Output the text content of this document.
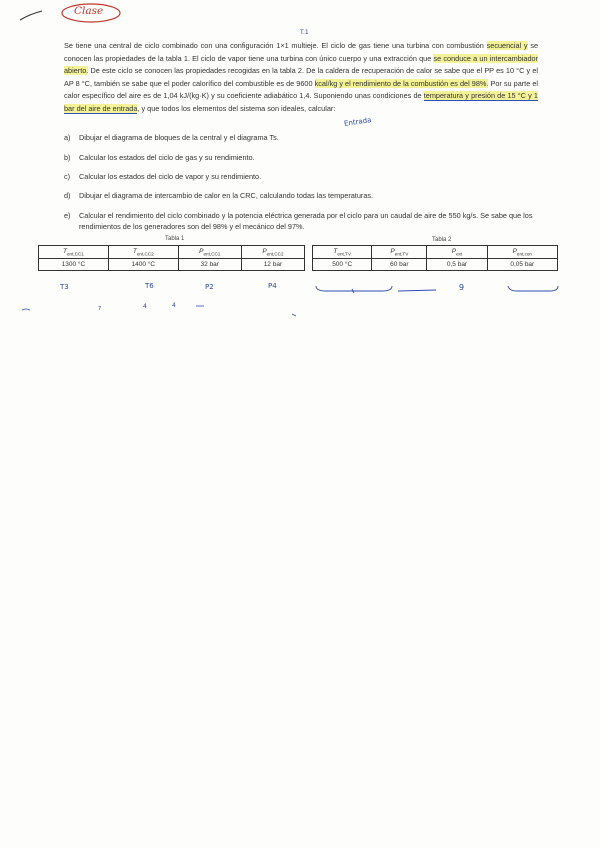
Clase
T.1
Se tiene una central de ciclo combinado con una configuración 1×1 multieje. El ciclo de gas tiene una turbina con combustión secuencial y se conocen las propiedades de la tabla 1. El ciclo de vapor tiene una turbina con único cuerpo y una extracción que se conduce a un intercambiador abierto. De este ciclo se conocen las propiedades recogidas en la tabla 2. De la caldera de recuperación de calor se sabe que el PP es 10 °C y el AP 8 °C, también se sabe que el poder calorífico del combustible es de 9600 kcal/kg y el rendimiento de la combustión es del 98%. Por su parte el calor específico del aire es de 1,04 kJ/(kg·K) y su coeficiente adiabático 1,4. Suponiendo unas condiciones de temperatura y presión de 15 °C y 1 bar del aire de entrada, y que todos los elementos del sistema son ideales, calcular:
Entrada
a) Dibujar el diagrama de bloques de la central y el diagrama Ts.
b) Calcular los estados del ciclo de gas y su rendimiento.
c) Calcular los estados del ciclo de vapor y su rendimiento.
d) Dibujar el diagrama de intercambio de calor en la CRC, calculando todas las temperaturas.
e) Calcular el rendimiento del ciclo combinado y la potencia eléctrica generada por el ciclo para un caudal de aire de 550 kg/s. Se sabe que los rendimientos de los generadores son del 98% y el mecánico del 97%.
Tabla 1
$T_{ent,CC1}$	$T_{ent,CC2}$	$P_{ent,CC1}$	$P_{ent,CC2}$
1300 °C	1400 °C	32 bar	12 bar
Tabla 2
$T_{ent,TV}$	$P_{ent,TV}$	$P_{ext}$	$P_{ent,con}$
500 °C	60 bar	0,5 bar	0,05 bar
T3	T6	P2	P4	9
7	4	4
